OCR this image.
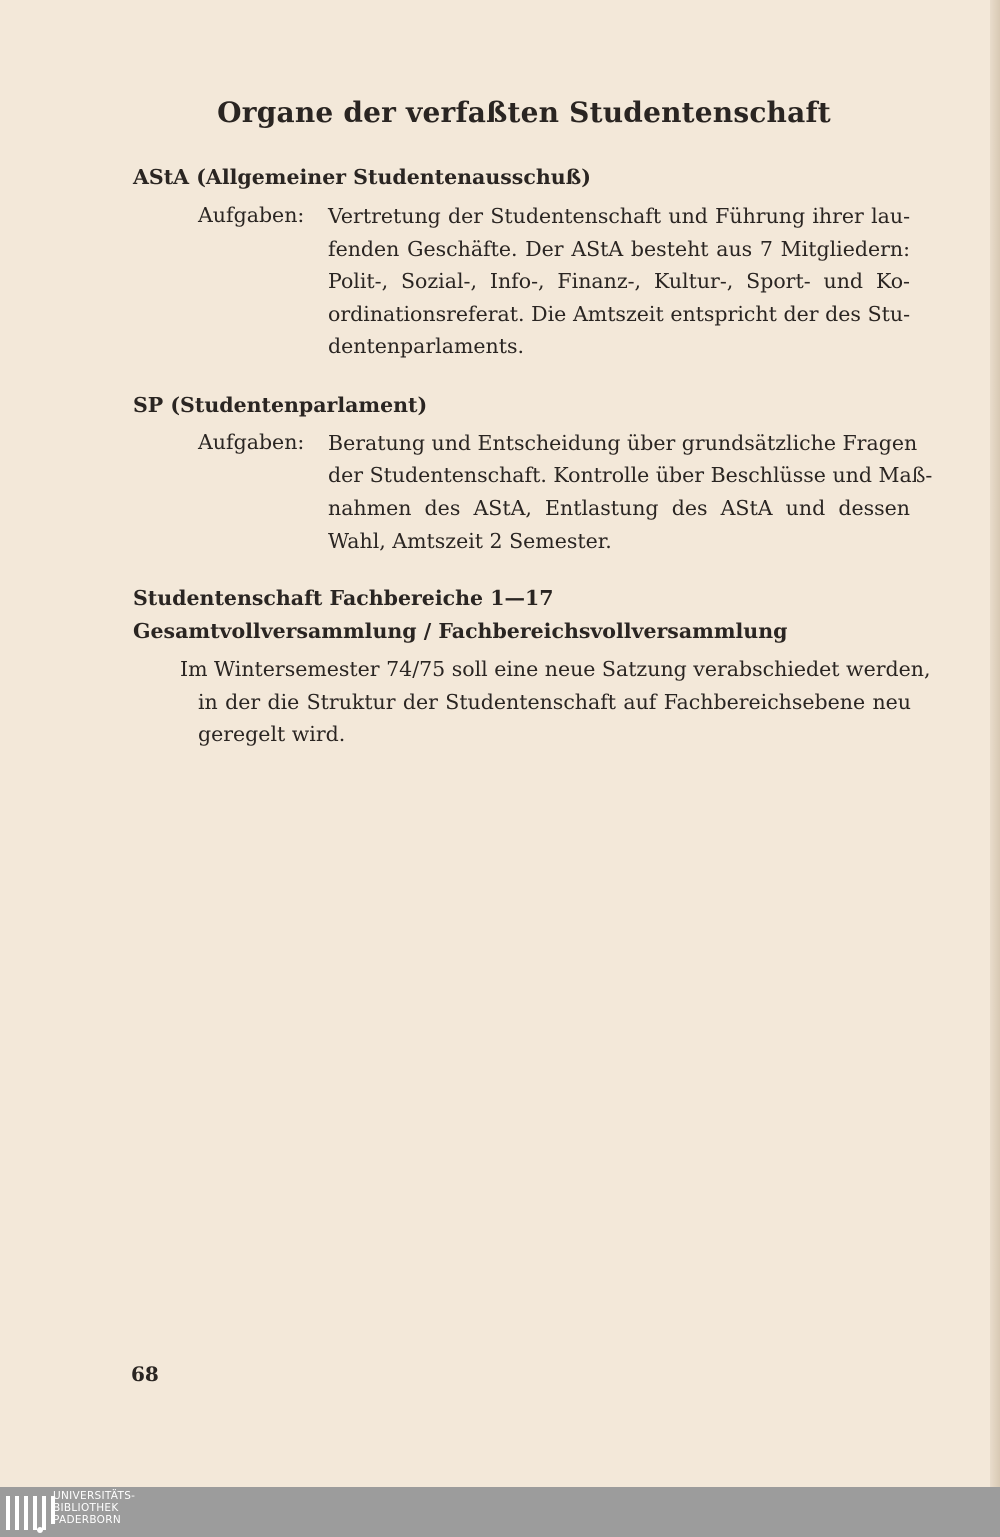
Organe der verfaßten Studentenschaft
AStA (Allgemeiner Studentenausschuß)
Aufgaben: Vertretung der Studentenschaft und Führung ihrer lau-
fenden Geschäfte. Der AStA besteht aus 7 Mitgliedern:
Polit-, Sozial-, Info-, Finanz-, Kultur-, Sport- und Ko-
ordinationsreferat. Die Amtszeit entspricht der des Stu-
dentenparlaments.
SP (Studentenparlament)
Aufgaben: Beratung und Entscheidung über grundsätzliche Fragen
der Studentenschaft. Kontrolle über Beschlüsse und Maß-
nahmen des AStA, Entlastung des AStA und dessen
Wahl, Amtszeit 2 Semester.
Studentenschaft Fachbereiche 1—17
Gesamtvollversammlung / Fachbereichsvollversammlung
Im Wintersemester 74/75 soll eine neue Satzung verabschiedet werden,
in der die Struktur der Studentenschaft auf Fachbereichsebene neu
geregelt wird.
68
UNIVERSITÄTS-
BIBLIOTHEK
PADERBORN
